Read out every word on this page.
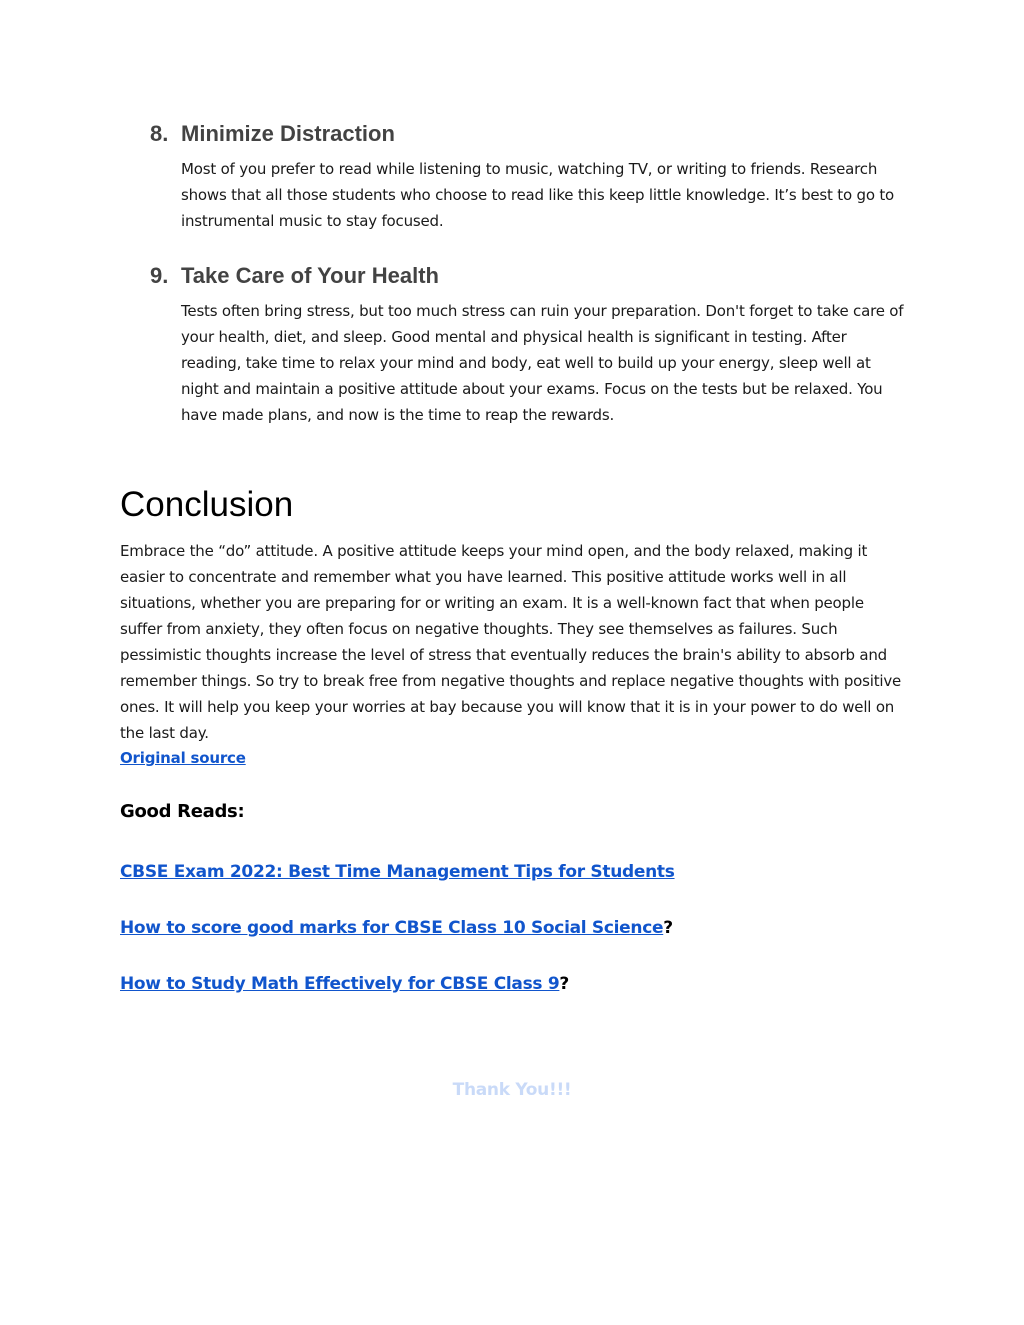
8. Minimize Distraction

Most of you prefer to read while listening to music, watching TV, or writing to friends. Research shows that all those students who choose to read like this keep little knowledge. It’s best to go to instrumental music to stay focused.

9. Take Care of Your Health

Tests often bring stress, but too much stress can ruin your preparation. Don't forget to take care of your health, diet, and sleep. Good mental and physical health is significant in testing. After reading, take time to relax your mind and body, eat well to build up your energy, sleep well at night and maintain a positive attitude about your exams. Focus on the tests but be relaxed. You have made plans, and now is the time to reap the rewards.

Conclusion

Embrace the “do” attitude. A positive attitude keeps your mind open, and the body relaxed, making it easier to concentrate and remember what you have learned. This positive attitude works well in all situations, whether you are preparing for or writing an exam. It is a well-known fact that when people suffer from anxiety, they often focus on negative thoughts. They see themselves as failures. Such pessimistic thoughts increase the level of stress that eventually reduces the brain's ability to absorb and remember things. So try to break free from negative thoughts and replace negative thoughts with positive ones. It will help you keep your worries at bay because you will know that it is in your power to do well on the last day.

Original source
Good Reads:
CBSE Exam 2022: Best Time Management Tips for Students
How to score good marks for CBSE Class 10 Social Science?
How to Study Math Effectively for CBSE Class 9?
Thank You!!!
